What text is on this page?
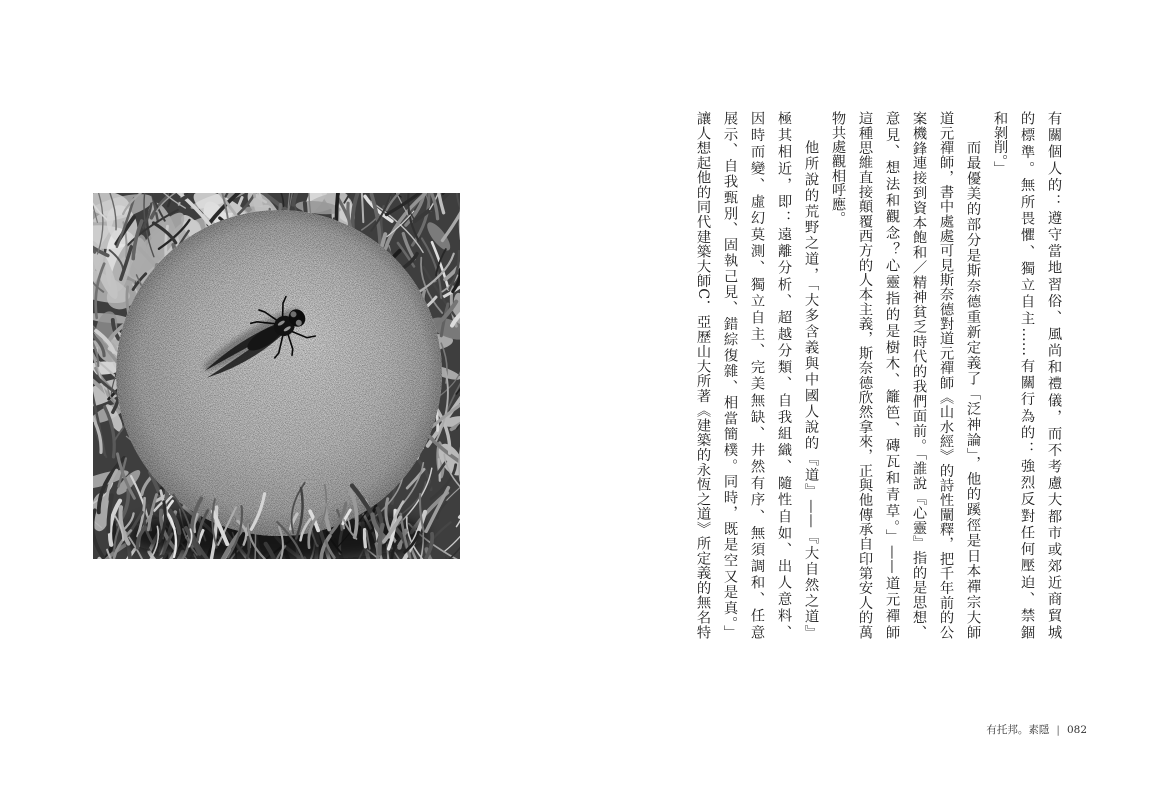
有關個人的：遵守當地習俗、風尚和禮儀，而不考慮大都市或郊近商貿城
的標準。無所畏懼、獨立自主……有關行為的：強烈反對任何壓迫、禁錮
和剝削。」
而最優美的部分是斯奈德重新定義了「泛神論」，他的蹊徑是日本禪宗大師
道元禪師，書中處處可見斯奈德對道元禪師《山水經》的詩性闡釋，把千年前的公
案機鋒連接到資本飽和／精神貧乏時代的我們面前。「誰說『心靈』指的是思想、
意見、想法和觀念？心靈指的是樹木、籬笆、磚瓦和青草。」——道元禪師
這種思維直接顛覆西方的人本主義，斯奈德欣然拿來，正與他傳承自印第安人的萬
物共處觀相呼應。
他所說的荒野之道，「大多含義與中國人說的『道』——『大自然之道』
極其相近，即：遠離分析、超越分類、自我組織、隨性自如、出人意料、
因時而變、虛幻莫測、獨立自主、完美無缺、井然有序、無須調和、任意
展示、自我甄別、固執己見、錯綜復雜、相當簡樸。同時，既是空又是真。」
讓人想起他的同代建築大師C．亞歷山大所著《建築的永恆之道》所定義的無名特
有托邦。素隱 | 082
